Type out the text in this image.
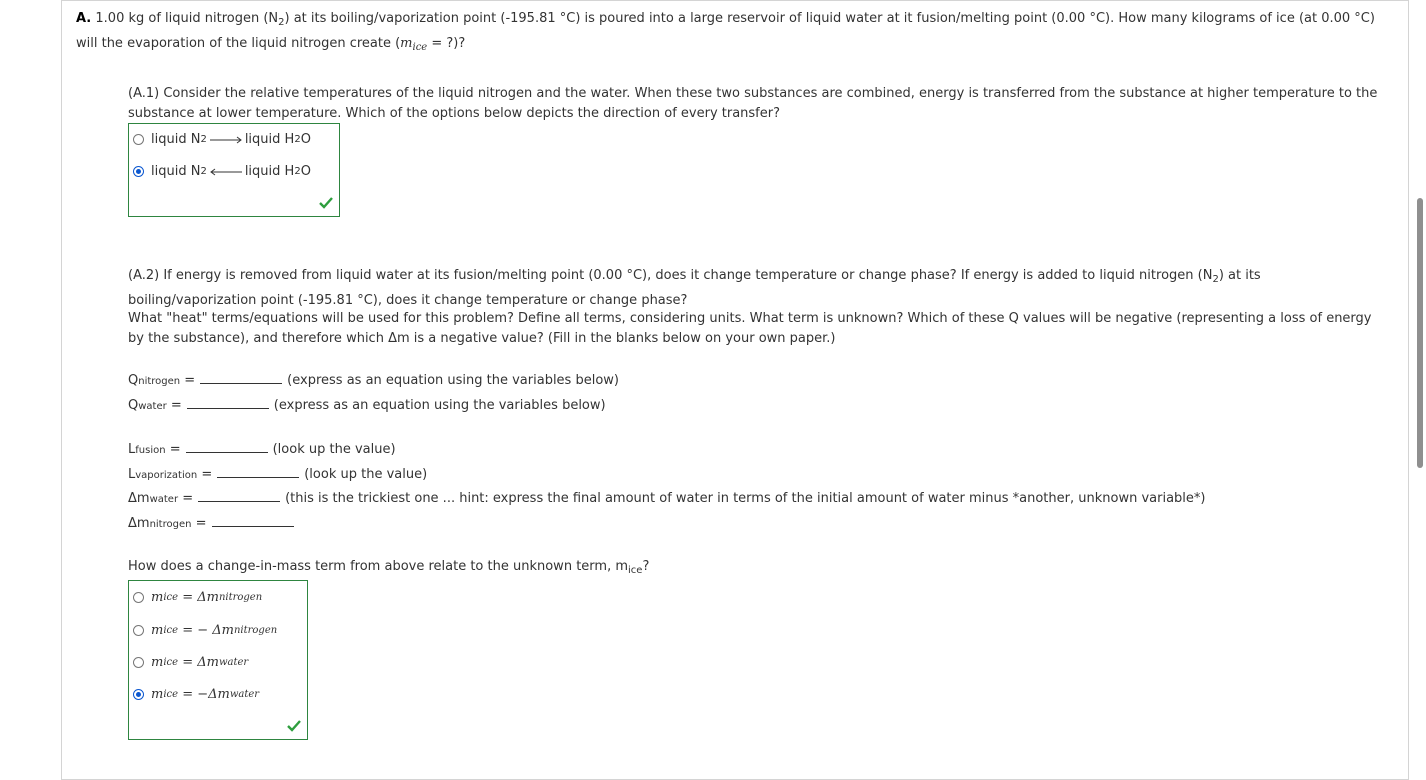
A. 1.00 kg of liquid nitrogen $(N_2)$ at its boiling/vaporization point (-195.81 °C) is poured into a large reservoir of liquid water at it fusion/melting point (0.00 °C). How many kilograms of ice (at 0.00 °C) will the evaporation of the liquid nitrogen create ($m_{ice}$ = ?)?
(A.1) Consider the relative temperatures of the liquid nitrogen and the water. When these two substances are combined, energy is transferred from the substance at higher temperature to the substance at lower temperature. Which of the options below depicts the direction of every transfer?
liquid N 2	liquid H 2 O
liquid N 2	liquid H 2 O
(A.2) If energy is removed from liquid water at its fusion/melting point (0.00 °C), does it change temperature or change phase? If energy is added to liquid nitrogen $(N_2)$ at its boiling/vaporization point (-195.81 °C), does it change temperature or change phase?
What "heat" terms/equations will be used for this problem? Define all terms, considering units. What term is unknown? Which of these Q values will be negative (representing a loss of energy by the substance), and therefore which Δm is a negative value? (Fill in the blanks below on your own paper.)
Q nitrogen
=	(express as an equation using the variables below)
Q water
=	(express as an equation using the variables below)
L fusion
=	(look up the value)
L vaporization
=	(look up the value)
Δm water
=	(this is the trickiest one ... hint: express the final amount of water in terms of the initial amount of water minus *another, unknown variable*)
Δm nitrogen
=
How does a change-in-mass term from above relate to the unknown term, $m_{ice}$?
m ice
= Δm nitrogen
m ice
= − Δm nitrogen
m ice
= Δm water
m ice
= −Δm water
